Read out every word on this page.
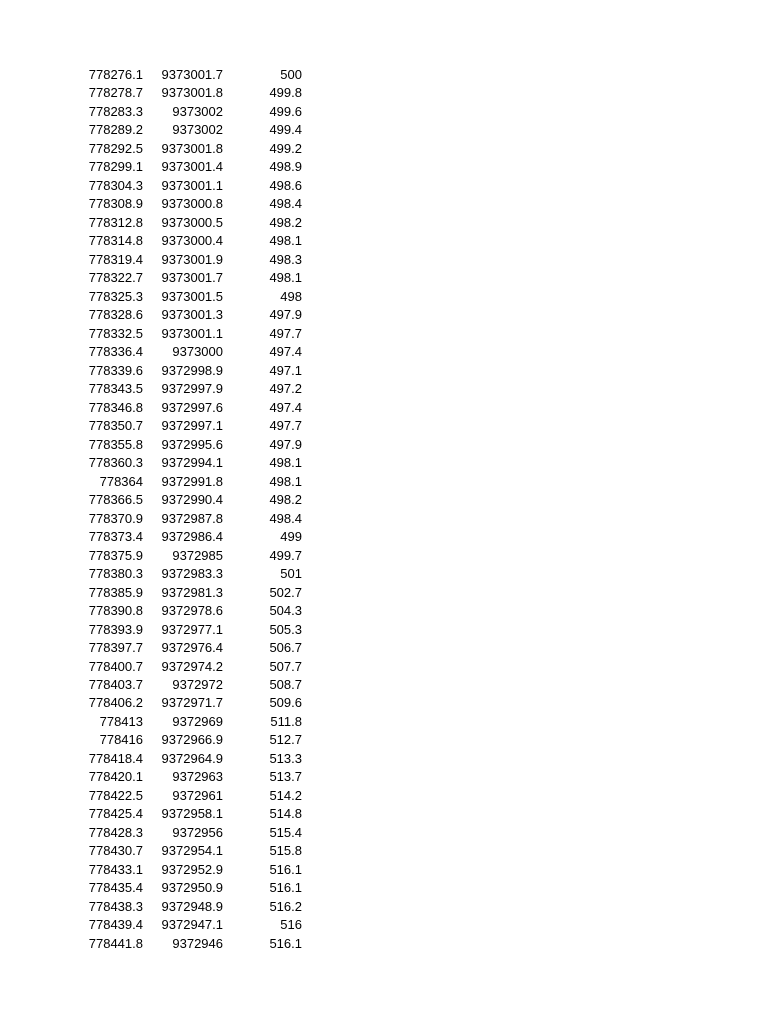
778276.1	9373001.7	500
778278.7	9373001.8	499.8
778283.3	9373002	499.6
778289.2	9373002	499.4
778292.5	9373001.8	499.2
778299.1	9373001.4	498.9
778304.3	9373001.1	498.6
778308.9	9373000.8	498.4
778312.8	9373000.5	498.2
778314.8	9373000.4	498.1
778319.4	9373001.9	498.3
778322.7	9373001.7	498.1
778325.3	9373001.5	498
778328.6	9373001.3	497.9
778332.5	9373001.1	497.7
778336.4	9373000	497.4
778339.6	9372998.9	497.1
778343.5	9372997.9	497.2
778346.8	9372997.6	497.4
778350.7	9372997.1	497.7
778355.8	9372995.6	497.9
778360.3	9372994.1	498.1
778364	9372991.8	498.1
778366.5	9372990.4	498.2
778370.9	9372987.8	498.4
778373.4	9372986.4	499
778375.9	9372985	499.7
778380.3	9372983.3	501
778385.9	9372981.3	502.7
778390.8	9372978.6	504.3
778393.9	9372977.1	505.3
778397.7	9372976.4	506.7
778400.7	9372974.2	507.7
778403.7	9372972	508.7
778406.2	9372971.7	509.6
778413	9372969	511.8
778416	9372966.9	512.7
778418.4	9372964.9	513.3
778420.1	9372963	513.7
778422.5	9372961	514.2
778425.4	9372958.1	514.8
778428.3	9372956	515.4
778430.7	9372954.1	515.8
778433.1	9372952.9	516.1
778435.4	9372950.9	516.1
778438.3	9372948.9	516.2
778439.4	9372947.1	516
778441.8	9372946	516.1
